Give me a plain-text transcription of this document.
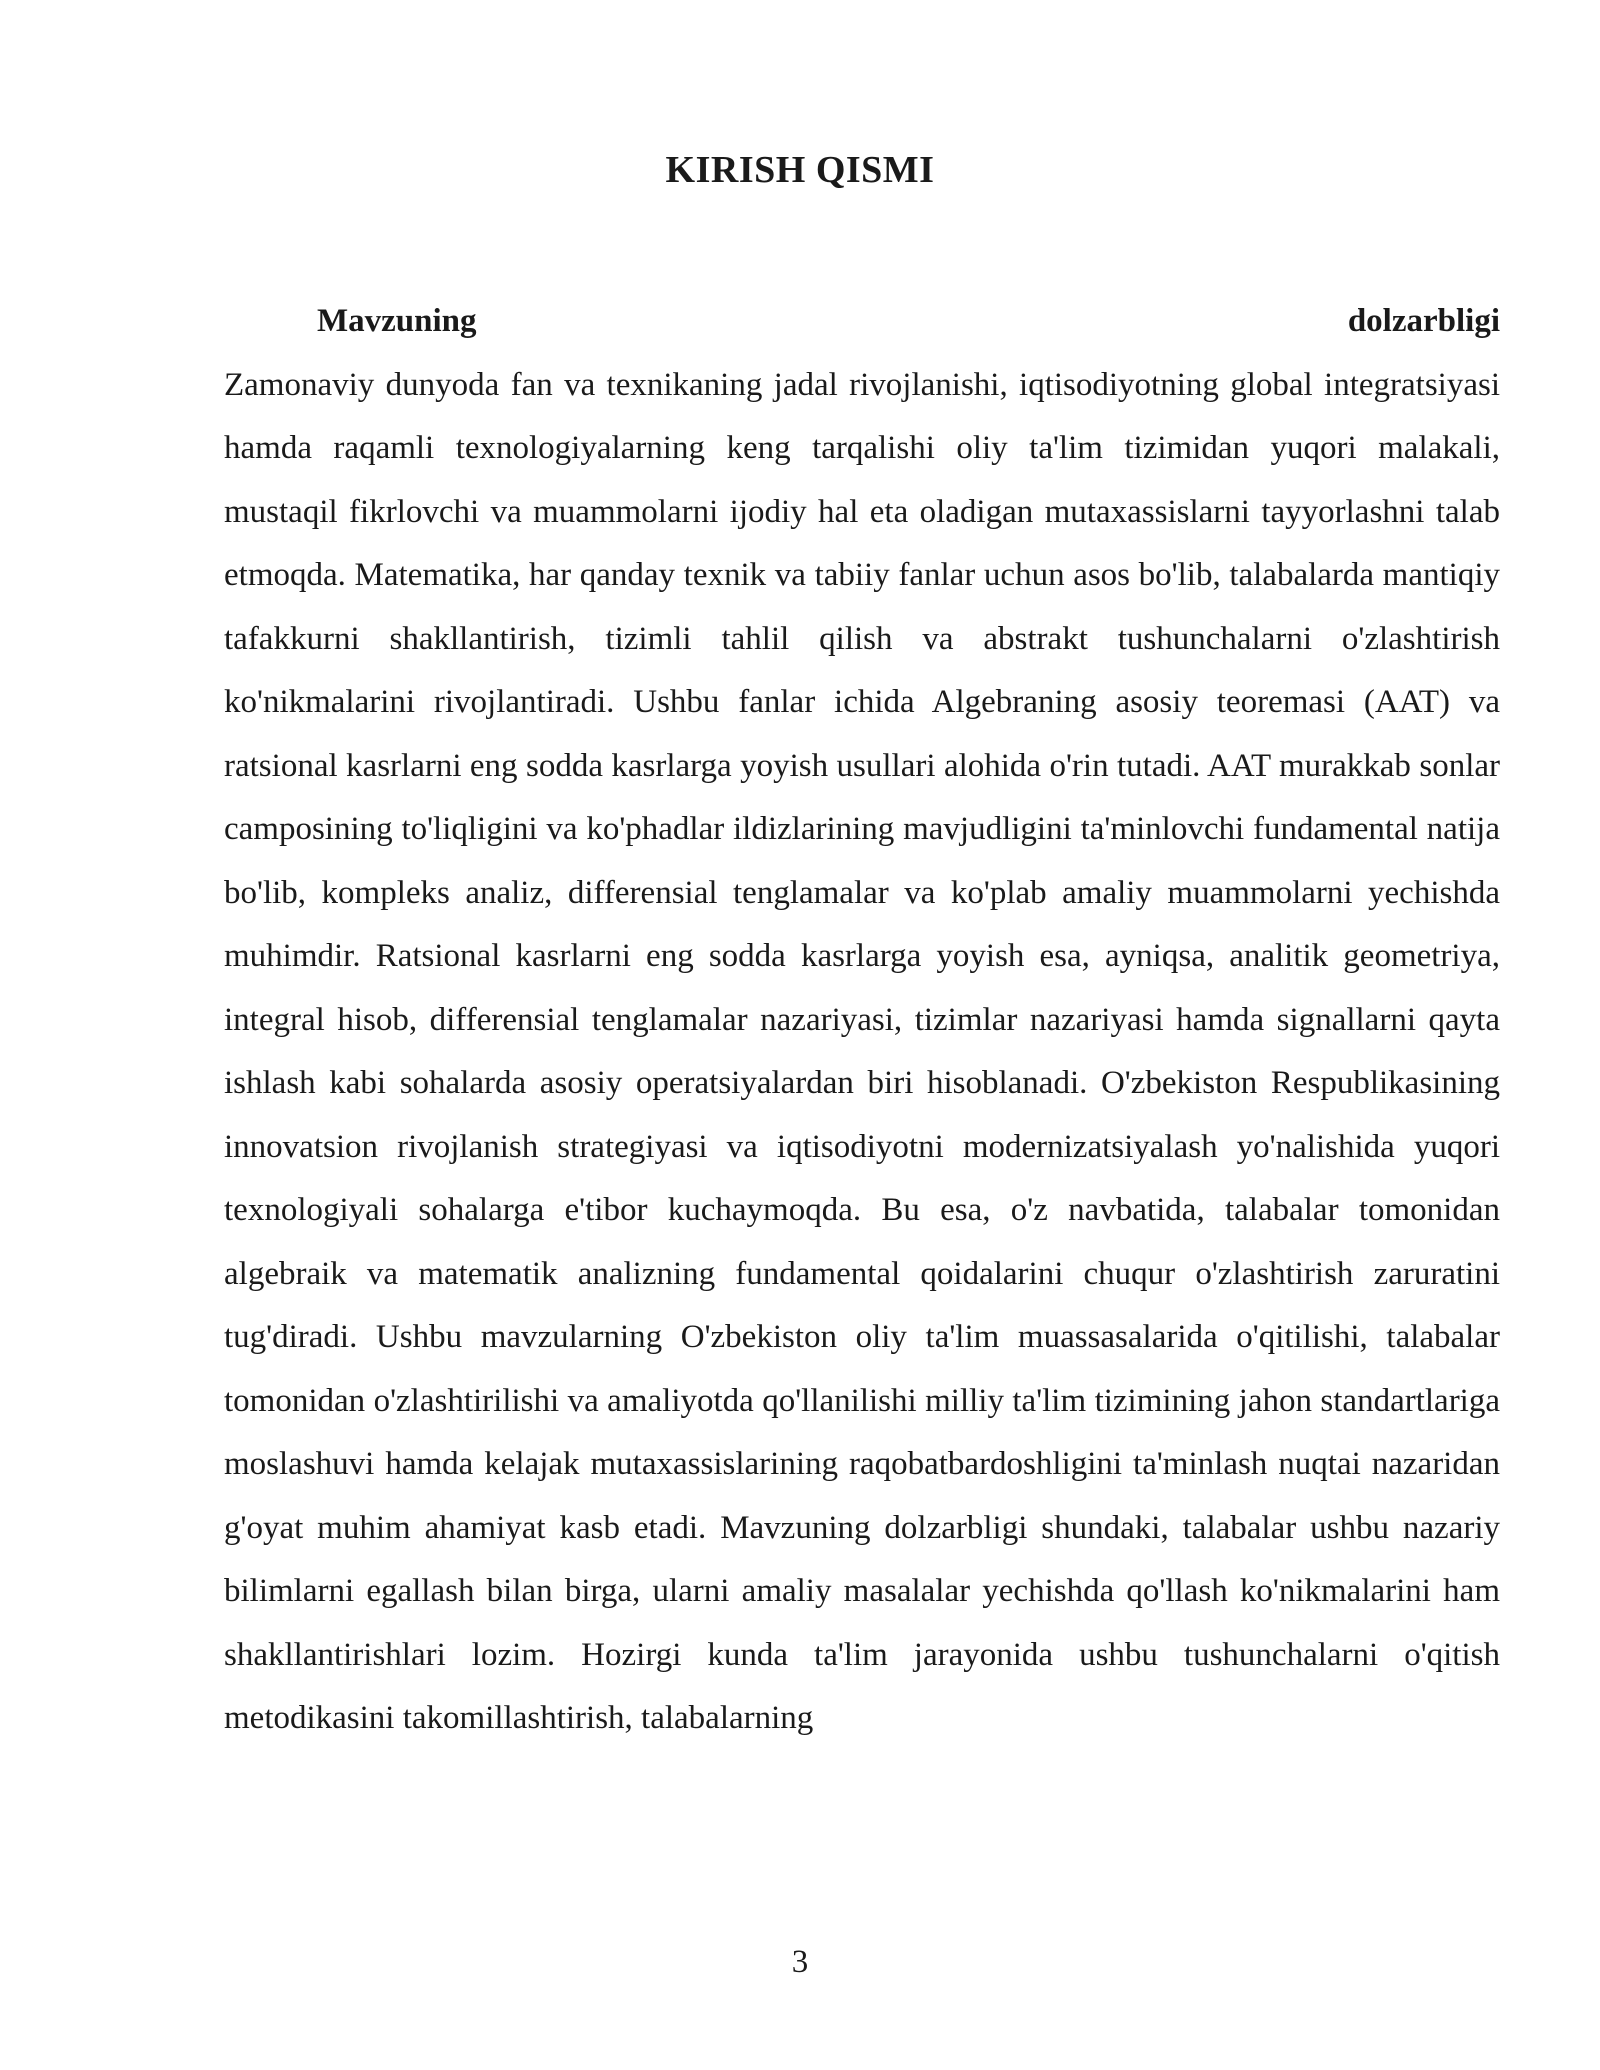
KIRISH QISMI
Mavzuning	dolzarbligi

Zamonaviy dunyoda fan va texnikaning jadal rivojlanishi, iqtisodiyotning global integratsiyasi hamda raqamli texnologiyalarning keng tarqalishi oliy ta'lim tizimidan yuqori malakali, mustaqil fikrlovchi va muammolarni ijodiy hal eta oladigan mutaxassislarni tayyorlashni talab etmoqda. Matematika, har qanday texnik va tabiiy fanlar uchun asos bo'lib, talabalarda mantiqiy tafakkurni shakllantirish, tizimli tahlil qilish va abstrakt tushunchalarni o'zlashtirish ko'nikmalarini rivojlantiradi. Ushbu fanlar ichida Algebraning asosiy teoremasi (AAT) va ratsional kasrlarni eng sodda kasrlarga yoyish usullari alohida o'rin tutadi. AAT murakkab sonlar camposining to'liqligini va ko'phadlar ildizlarining mavjudligini ta'minlovchi fundamental natija bo'lib, kompleks analiz, differensial tenglamalar va ko'plab amaliy muammolarni yechishda muhimdir. Ratsional kasrlarni eng sodda kasrlarga yoyish esa, ayniqsa, analitik geometriya, integral hisob, differensial tenglamalar nazariyasi, tizimlar nazariyasi hamda signallarni qayta ishlash kabi sohalarda asosiy operatsiyalardan biri hisoblanadi. O'zbekiston Respublikasining innovatsion rivojlanish strategiyasi va iqtisodiyotni modernizatsiyalash yo'nalishida yuqori texnologiyali sohalarga e'tibor kuchaymoqda. Bu esa, o'z navbatida, talabalar tomonidan algebraik va matematik analizning fundamental qoidalarini chuqur o'zlashtirish zaruratini tug'diradi. Ushbu mavzularning O'zbekiston oliy ta'lim muassasalarida o'qitilishi, talabalar tomonidan o'zlashtirilishi va amaliyotda qo'llanilishi milliy ta'lim tizimining jahon standartlariga moslashuvi hamda kelajak mutaxassislarining raqobatbardoshligini ta'minlash nuqtai nazaridan g'oyat muhim ahamiyat kasb etadi. Mavzuning dolzarbligi shundaki, talabalar ushbu nazariy bilimlarni egallash bilan birga, ularni amaliy masalalar yechishda qo'llash ko'nikmalarini ham shakllantirishlari lozim. Hozirgi kunda ta'lim jarayonida ushbu tushunchalarni o'qitish metodikasini takomillashtirish, talabalarning

3
